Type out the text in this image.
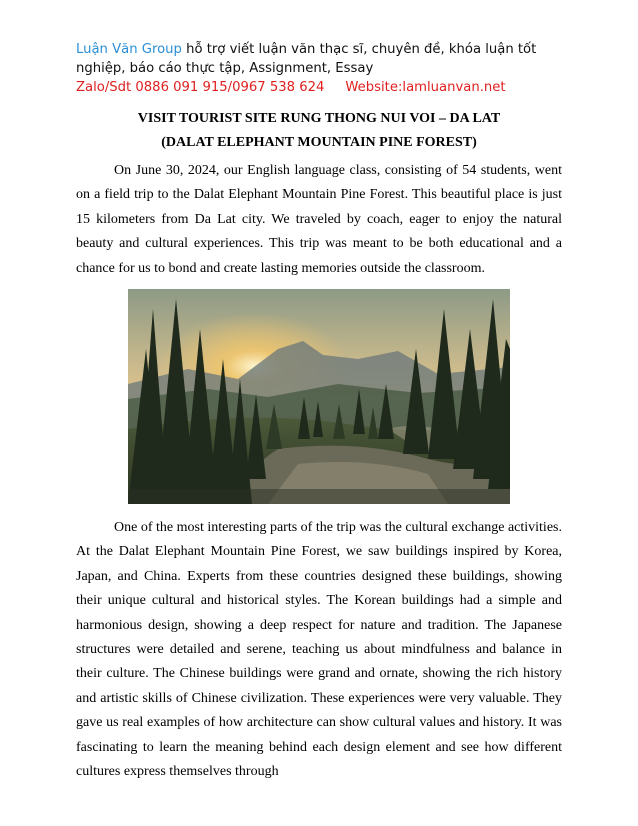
Luận Văn Group hỗ trợ viết luận văn thạc sĩ, chuyên đề, khóa luận tốt nghiệp, báo cáo thực tập, Assignment, Essay
Zalo/Sdt 0886 091 915/0967 538 624 Website:lamluanvan.net
VISIT TOURIST SITE RUNG THONG NUI VOI – DA LAT
(DALAT ELEPHANT MOUNTAIN PINE FOREST)

On June 30, 2024, our English language class, consisting of 54 students, went on a field trip to the Dalat Elephant Mountain Pine Forest. This beautiful place is just 15 kilometers from Da Lat city. We traveled by coach, eager to enjoy the natural beauty and cultural experiences. This trip was meant to be both educational and a chance for us to bond and create lasting memories outside the classroom.

One of the most interesting parts of the trip was the cultural exchange activities. At the Dalat Elephant Mountain Pine Forest, we saw buildings inspired by Korea, Japan, and China. Experts from these countries designed these buildings, showing their unique cultural and historical styles. The Korean buildings had a simple and harmonious design, showing a deep respect for nature and tradition. The Japanese structures were detailed and serene, teaching us about mindfulness and balance in their culture. The Chinese buildings were grand and ornate, showing the rich history and artistic skills of Chinese civilization. These experiences were very valuable. They gave us real examples of how architecture can show cultural values and history. It was fascinating to learn the meaning behind each design element and see how different cultures express themselves through
